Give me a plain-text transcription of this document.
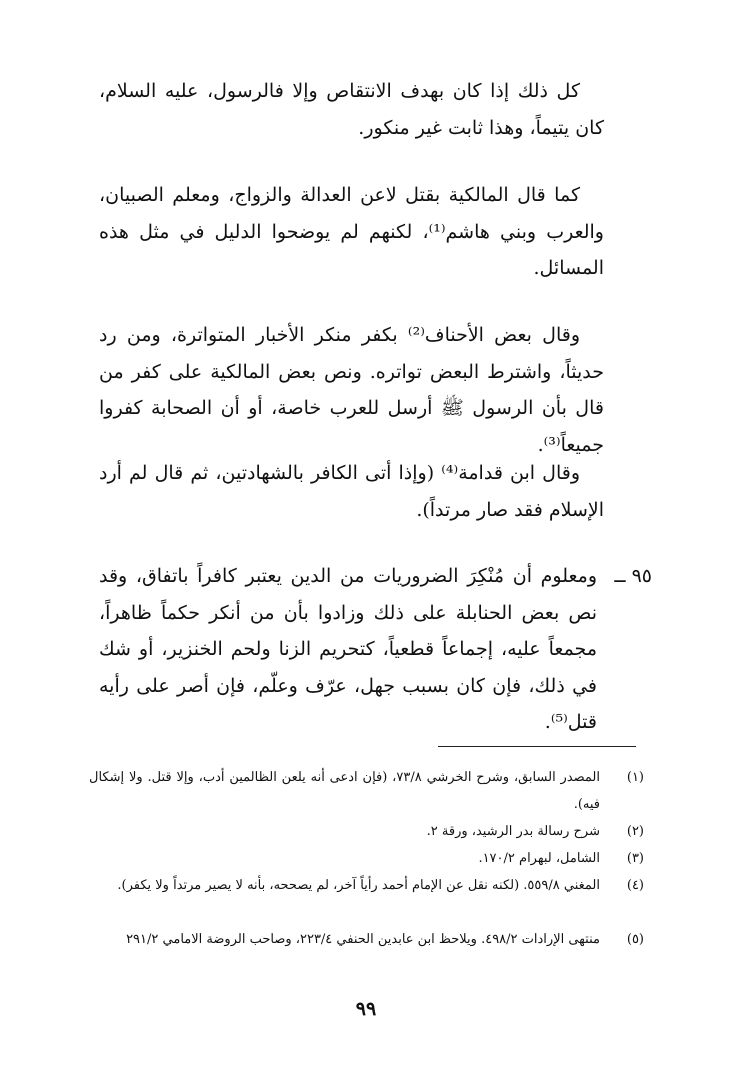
كل ذلك إذا كان بهدف الانتقاص وإلا فالرسول، عليه السلام، كان يتيماً، وهذا ثابت غير منكور.

كما قال المالكية بقتل لاعن العدالة والزواج، ومعلم الصبيان، والعرب وبني هاشم⁽¹⁾، لكنهم لم يوضحوا الدليل في مثل هذه المسائل.

وقال بعض الأحناف⁽²⁾ بكفر منكر الأخبار المتواترة، ومن رد حديثاً، واشترط البعض تواتره. ونص بعض المالكية على كفر من قال بأن الرسول ﷺ أرسل للعرب خاصة، أو أن الصحابة كفروا جميعاً⁽³⁾.

وقال ابن قدامة⁽⁴⁾ (وإذا أتى الكافر بالشهادتين، ثم قال لم أرد الإسلام فقد صار مرتداً).

٩٥ ــ

ومعلوم أن مُنْكِرَ الضروريات من الدين يعتبر كافراً باتفاق، وقد نص بعض الحنابلة على ذلك وزادوا بأن من أنكر حكماً ظاهراً، مجمعاً عليه، إجماعاً قطعياً، كتحريم الزنا ولحم الخنزير، أو شك في ذلك، فإن كان بسبب جهل، عرّف وعلّم، فإن أصر على رأيه قتل⁽⁵⁾.

(١)
المصدر السابق، وشرح الخرشي ٧٣/٨، (فإن ادعى أنه يلعن الظالمين أدب، وإلا قتل. ولا إشكال فيه).
(٢)
شرح رسالة بدر الرشيد، ورقة ٢.
(٣)
الشامل، لبهرام ١٧٠/٢.
(٤)
المغني ٥٥٩/٨. (لكنه نقل عن الإمام أحمد رأياً آخر، لم يصححه، بأنه لا يصير مرتداً ولا يكفر).
(٥)
منتهى الإرادات ٤٩٨/٢. ويلاحظ ابن عابدين الحنفي ٢٢٣/٤، وصاحب الروضة الامامي ٢٩١/٢
٩٩
